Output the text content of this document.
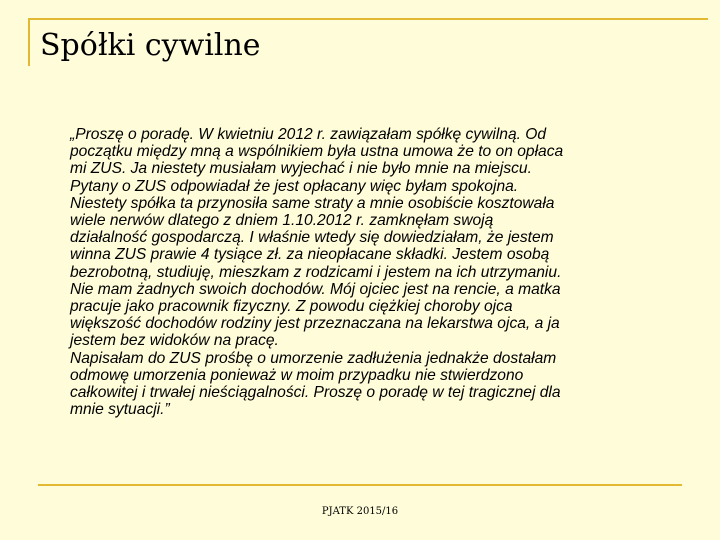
Spółki cywilne
„Proszę o poradę. W kwietniu 2012 r. zawiązałam spółkę cywilną. Od
początku między mną a wspólnikiem była ustna umowa że to on opłaca
mi ZUS. Ja niestety musiałam wyjechać i nie było mnie na miejscu.
Pytany o ZUS odpowiadał że jest opłacany więc byłam spokojna.
Niestety spółka ta przynosiła same straty a mnie osobiście kosztowała
wiele nerwów dlatego z dniem 1.10.2012 r. zamknęłam swoją
działalność gospodarczą. I właśnie wtedy się dowiedziałam, że jestem
winna ZUS prawie 4 tysiące zł. za nieopłacane składki. Jestem osobą
bezrobotną, studiuję, mieszkam z rodzicami i jestem na ich utrzymaniu.
Nie mam żadnych swoich dochodów. Mój ojciec jest na rencie, a matka
pracuje jako pracownik fizyczny. Z powodu ciężkiej choroby ojca
większość dochodów rodziny jest przeznaczana na lekarstwa ojca, a ja
jestem bez widoków na pracę.
Napisałam do ZUS prośbę o umorzenie zadłużenia jednakże dostałam
odmowę umorzenia ponieważ w moim przypadku nie stwierdzono
całkowitej i trwałej nieściągalności. Proszę o poradę w tej tragicznej dla
mnie sytuacji.”
PJATK 2015/16
